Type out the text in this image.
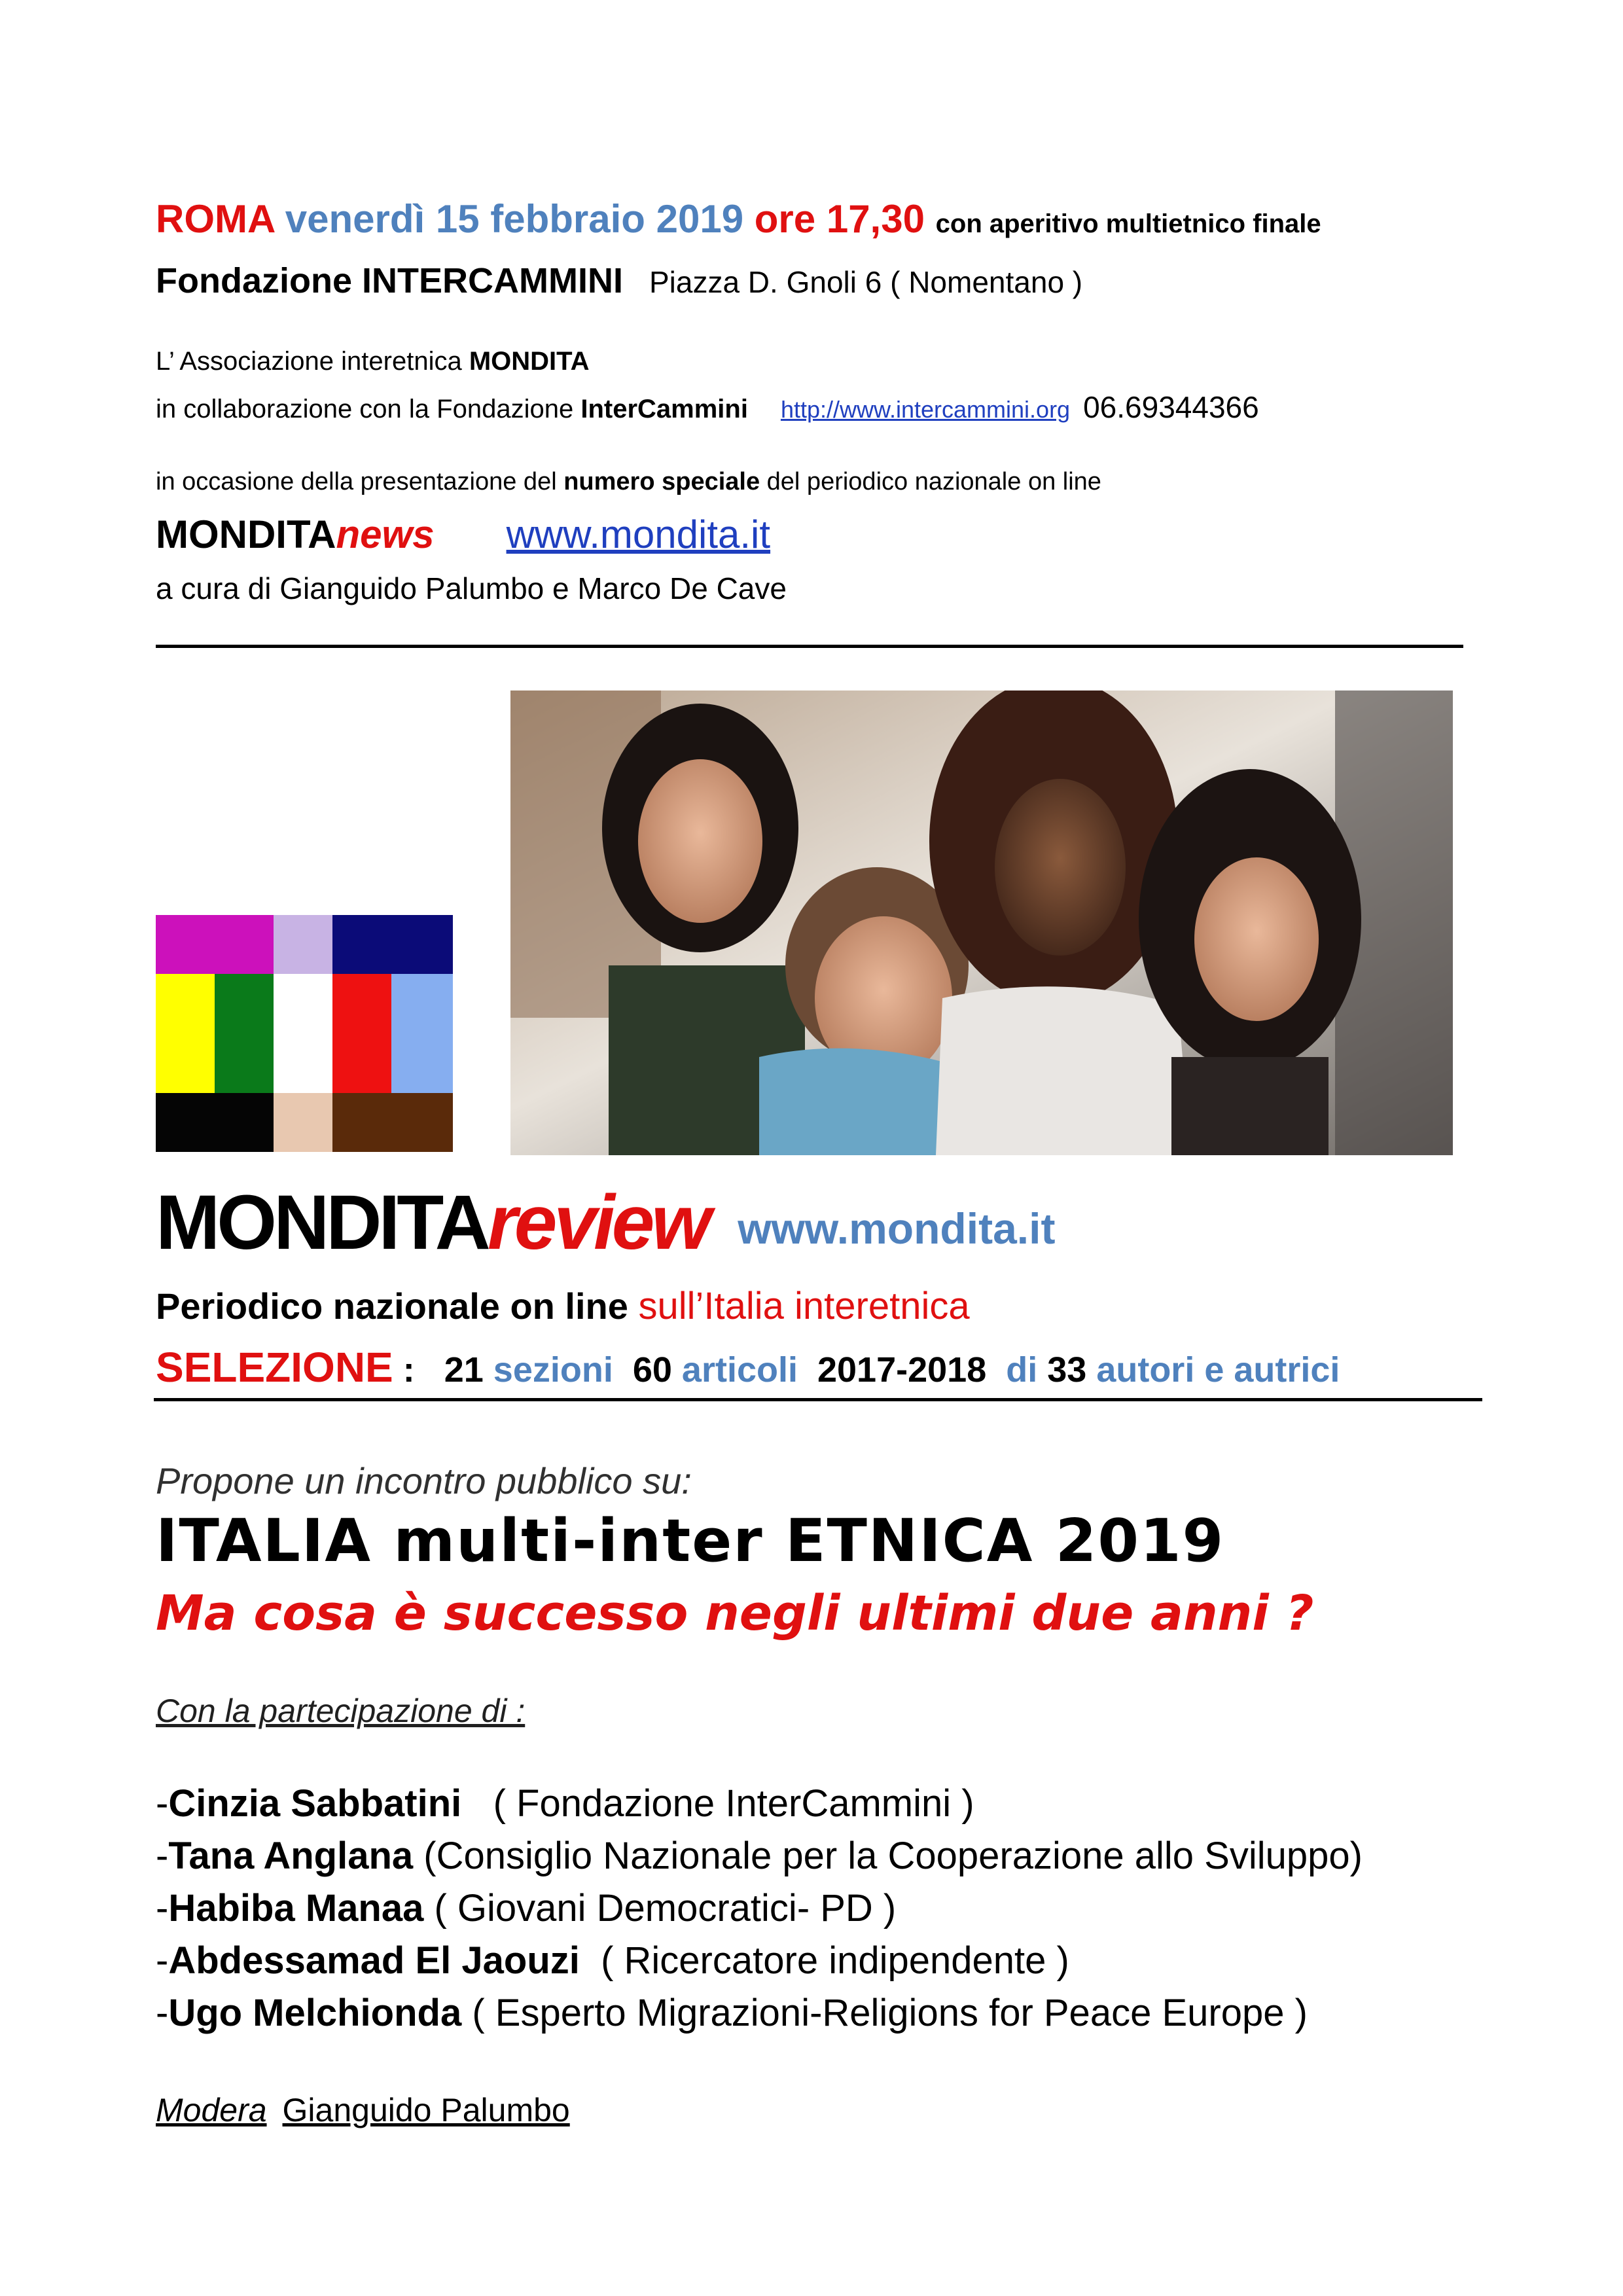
ROMA venerdì 15 febbraio 2019 ore 17,30 con aperitivo multietnico finale
Fondazione INTERCAMMINI Piazza D. Gnoli 6 ( Nomentano )
L’ Associazione interetnica MONDITA
in collaborazione con la Fondazione InterCammini http://www.intercammini.org 06.69344366
in occasione della presentazione del numero speciale del periodico nazionale on line
MONDITAnews www.mondita.it
a cura di Gianguido Palumbo e Marco De Cave
MONDITAreview www.mondita.it
Periodico nazionale on line sull’Italia interetnica
SELEZIONE :   21 sezioni  60 articoli  2017-2018  di 33 autori e autrici
Propone un incontro pubblico su:
ITALIA multi-inter ETNICA 2019
Ma cosa è successo negli ultimi due anni ?
Con la partecipazione di :
-Cinzia Sabbatini   ( Fondazione InterCammini )
-Tana Anglana (Consiglio Nazionale per la Cooperazione allo Sviluppo)
-Habiba Manaa ( Giovani Democratici- PD )
-Abdessamad El Jaouzi  ( Ricercatore indipendente )
-Ugo Melchionda ( Esperto Migrazioni-Religions for Peace Europe )
Modera Gianguido Palumbo
